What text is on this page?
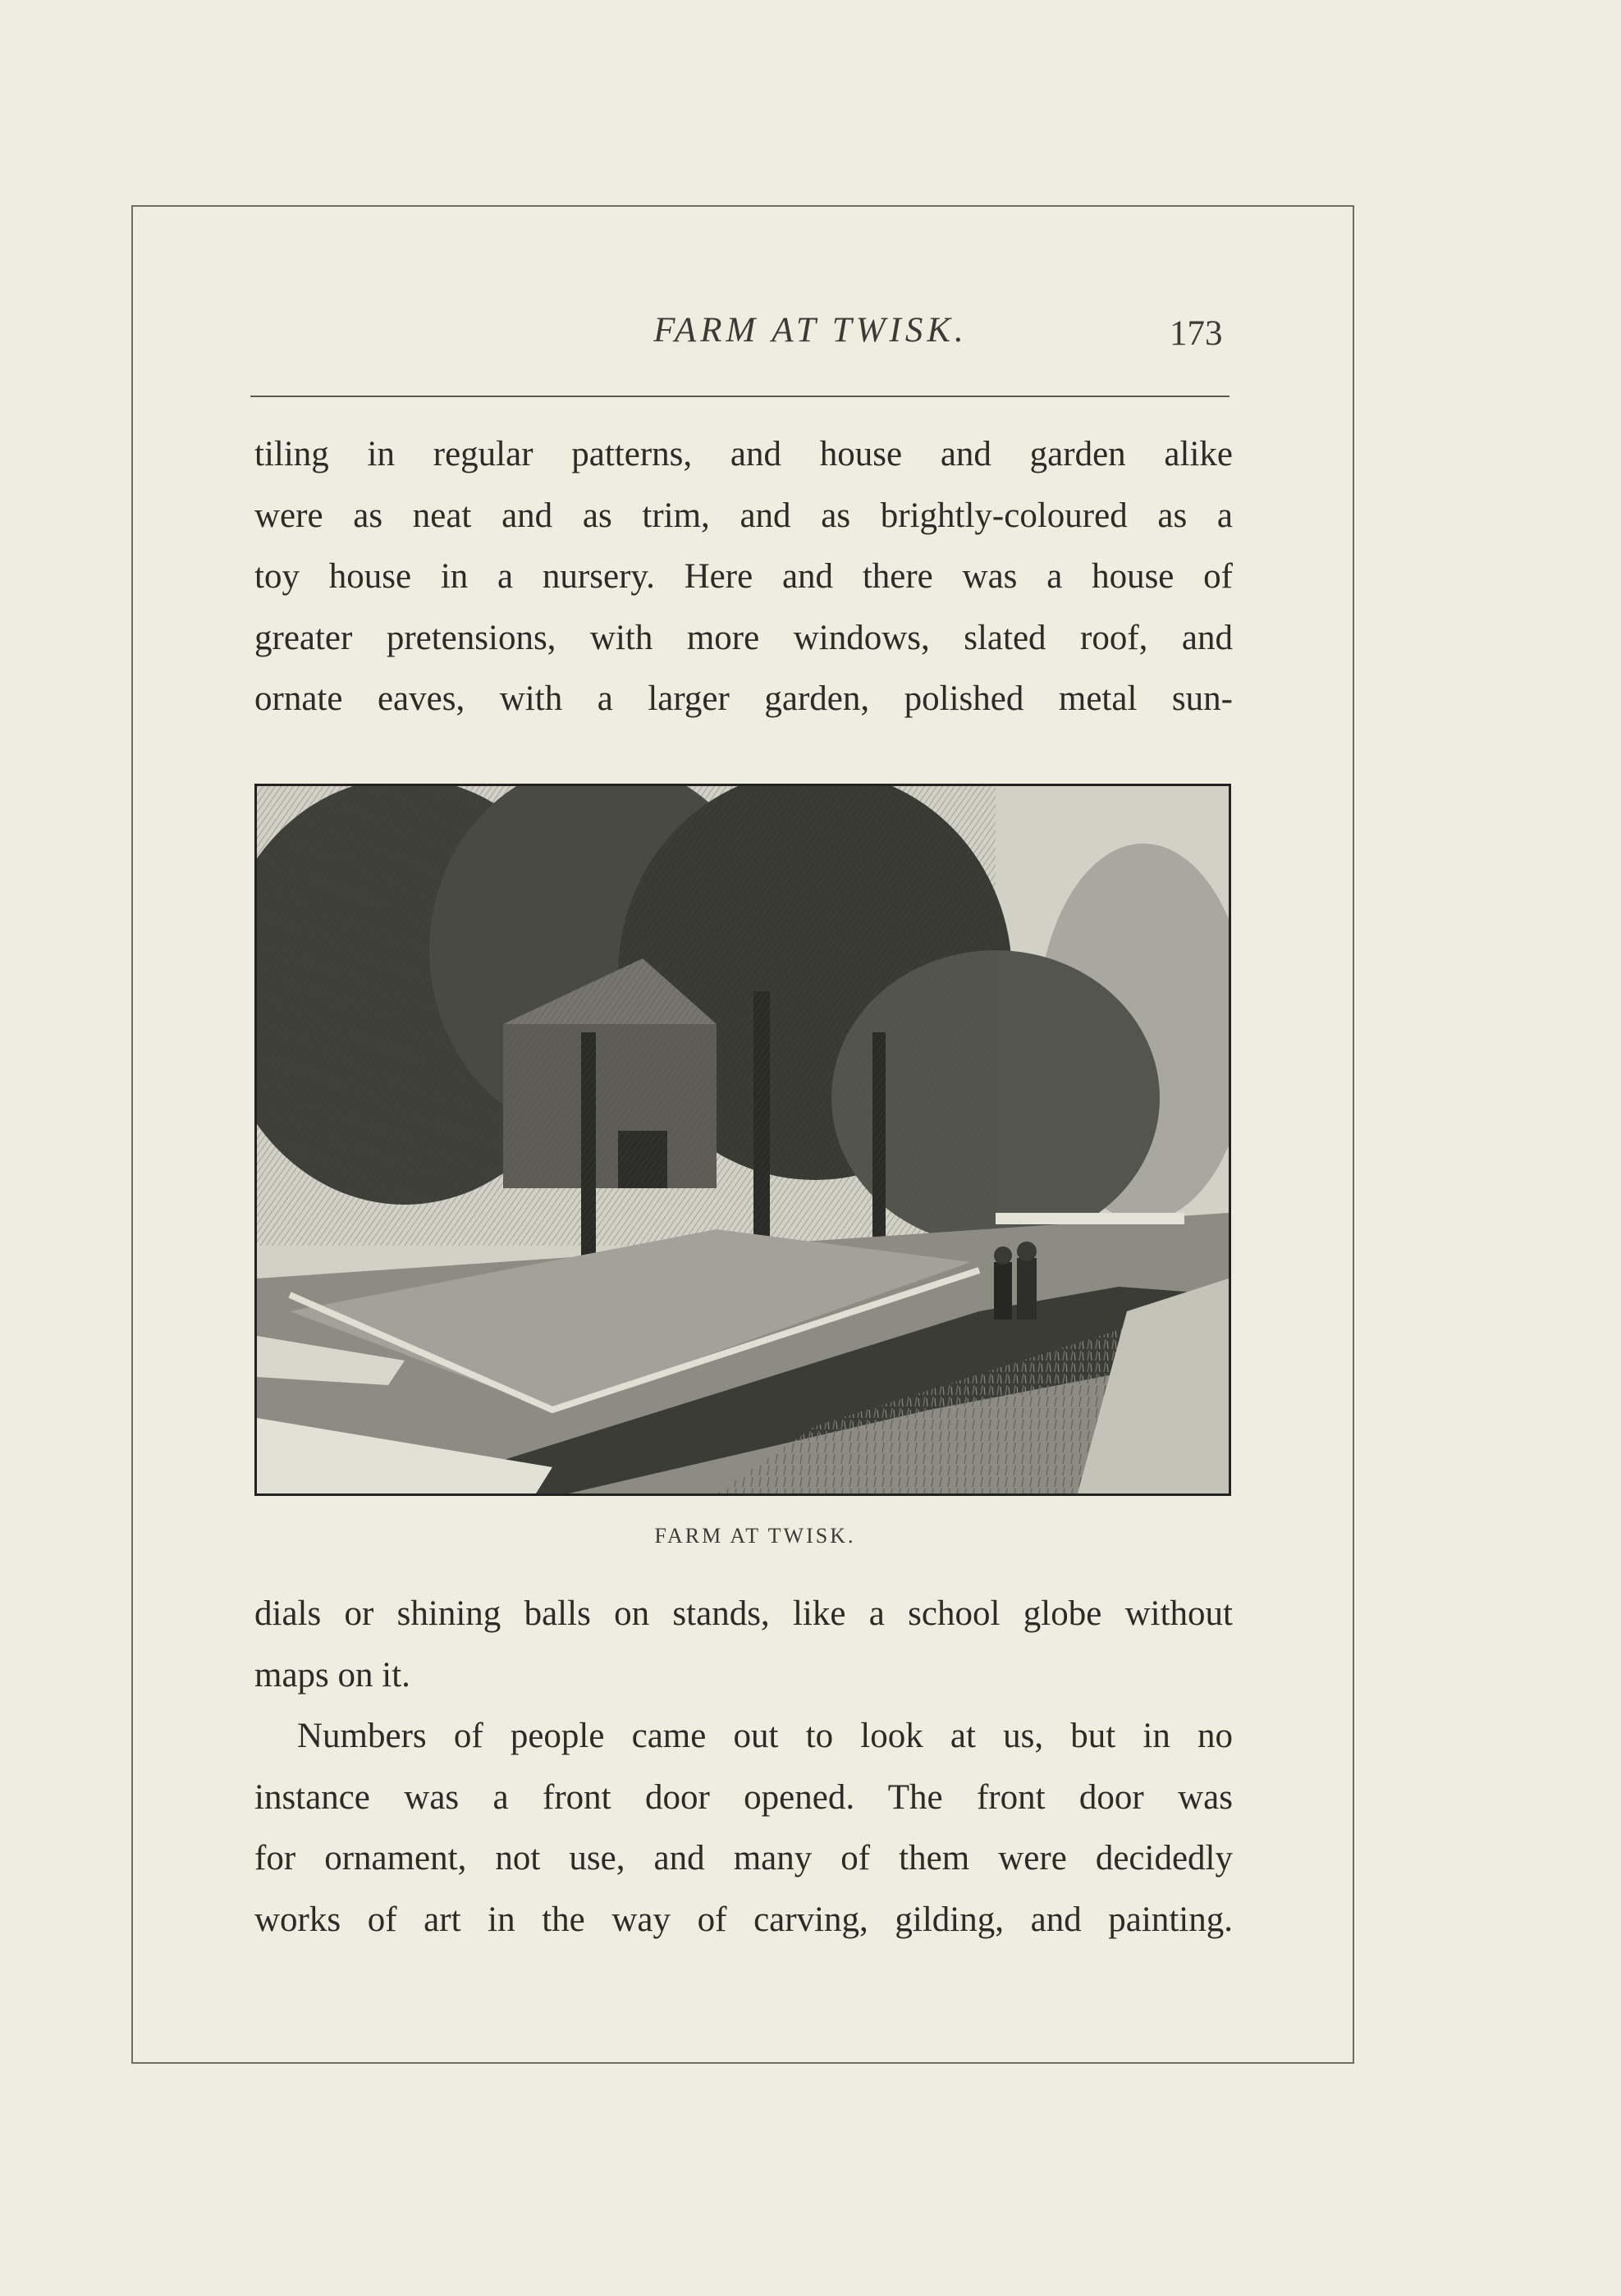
FARM AT TWISK.	173
tiling in regular patterns, and house and garden alike
were as neat and as trim, and as brightly-coloured as a
toy house in a nursery. Here and there was a house of
greater pretensions, with more windows, slated roof, and
ornate eaves, with a larger garden, polished metal sun-
FARM AT TWISK.
dials or shining balls on stands, like a school globe without
maps on it.
Numbers of people came out to look at us, but in no
instance was a front door opened. The front door was
for ornament, not use, and many of them were decidedly
works of art in the way of carving, gilding, and painting.
